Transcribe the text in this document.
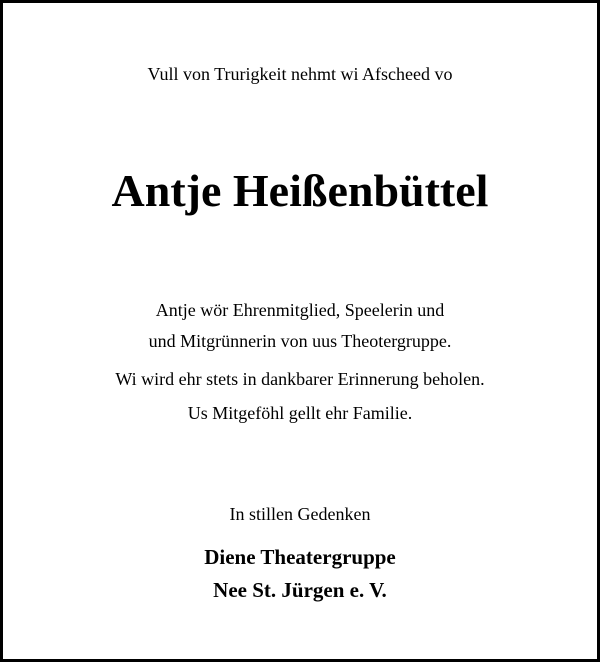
Vull von Trurigkeit nehmt wi Afscheed vo

Antje Heißenbüttel

Antje wör Ehrenmitglied, Speelerin und

und Mitgrünnerin von uus Theotergruppe.

Wi wird ehr stets in dankbarer Erinnerung beholen.

Us Mitgeföhl gellt ehr Familie.

In stillen Gedenken

Diene Theatergruppe

Nee St. Jürgen e. V.
